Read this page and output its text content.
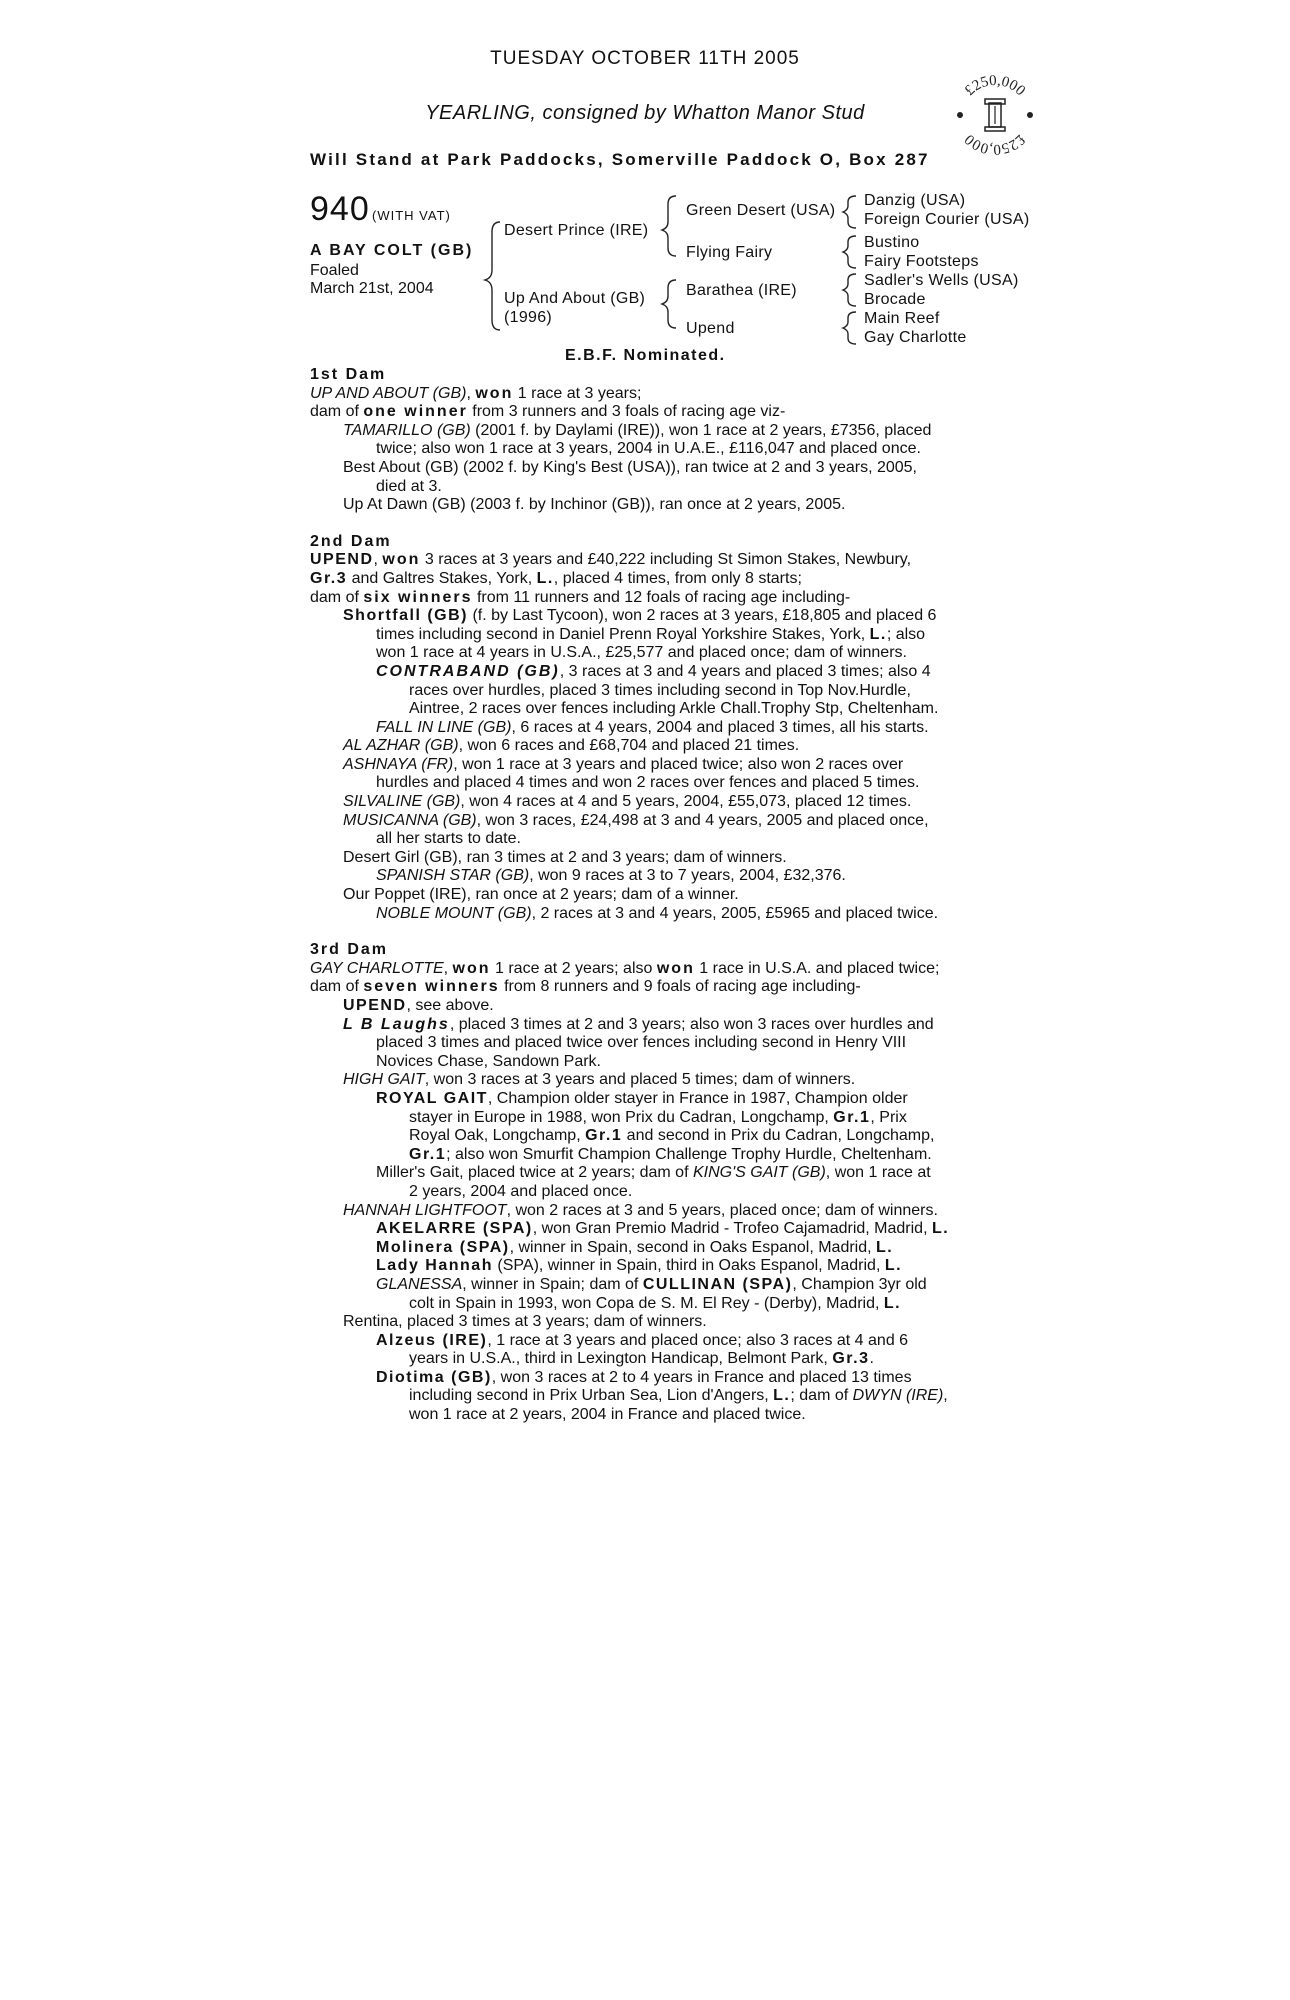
TUESDAY OCTOBER 11TH 2005
YEARLING, consigned by Whatton Manor Stud
Will Stand at Park Paddocks, Somerville Paddock O, Box 287
£250,000
£250,000
940 (WITH VAT)
A BAY COLT (GB)
Foaled
March 21st, 2004
Desert Prince (IRE)
Up And About (GB)
(1996)
Green Desert (USA)
Flying Fairy
Barathea (IRE)
Upend
Danzig (USA)
Foreign Courier (USA)
Bustino
Fairy Footsteps
Sadler's Wells (USA)
Brocade
Main Reef
Gay Charlotte
E.B.F. Nominated.

1st Dam

UP AND ABOUT (GB), won 1 race at 3 years;

dam of one winner from 3 runners and 3 foals of racing age viz-

TAMARILLO (GB) (2001 f. by Daylami (IRE)), won 1 race at 2 years, £7356, placed

twice; also won 1 race at 3 years, 2004 in U.A.E., £116,047 and placed once.

Best About (GB) (2002 f. by King's Best (USA)), ran twice at 2 and 3 years, 2005,

died at 3.

Up At Dawn (GB) (2003 f. by Inchinor (GB)), ran once at 2 years, 2005.

2nd Dam

UPEND, won 3 races at 3 years and £40,222 including St Simon Stakes, Newbury,

Gr.3 and Galtres Stakes, York, L., placed 4 times, from only 8 starts;

dam of six winners from 11 runners and 12 foals of racing age including-

Shortfall (GB) (f. by Last Tycoon), won 2 races at 3 years, £18,805 and placed 6

times including second in Daniel Prenn Royal Yorkshire Stakes, York, L.; also

won 1 race at 4 years in U.S.A., £25,577 and placed once; dam of winners.

CONTRABAND (GB), 3 races at 3 and 4 years and placed 3 times; also 4

races over hurdles, placed 3 times including second in Top Nov.Hurdle,

Aintree, 2 races over fences including Arkle Chall.Trophy Stp, Cheltenham.

FALL IN LINE (GB), 6 races at 4 years, 2004 and placed 3 times, all his starts.

AL AZHAR (GB), won 6 races and £68,704 and placed 21 times.

ASHNAYA (FR), won 1 race at 3 years and placed twice; also won 2 races over

hurdles and placed 4 times and won 2 races over fences and placed 5 times.

SILVALINE (GB), won 4 races at 4 and 5 years, 2004, £55,073, placed 12 times.

MUSICANNA (GB), won 3 races, £24,498 at 3 and 4 years, 2005 and placed once,

all her starts to date.

Desert Girl (GB), ran 3 times at 2 and 3 years; dam of winners.

SPANISH STAR (GB), won 9 races at 3 to 7 years, 2004, £32,376.

Our Poppet (IRE), ran once at 2 years; dam of a winner.

NOBLE MOUNT (GB), 2 races at 3 and 4 years, 2005, £5965 and placed twice.

3rd Dam

GAY CHARLOTTE, won 1 race at 2 years; also won 1 race in U.S.A. and placed twice;

dam of seven winners from 8 runners and 9 foals of racing age including-

UPEND, see above.

L B Laughs, placed 3 times at 2 and 3 years; also won 3 races over hurdles and

placed 3 times and placed twice over fences including second in Henry VIII

Novices Chase, Sandown Park.

HIGH GAIT, won 3 races at 3 years and placed 5 times; dam of winners.

ROYAL GAIT, Champion older stayer in France in 1987, Champion older

stayer in Europe in 1988, won Prix du Cadran, Longchamp, Gr.1, Prix

Royal Oak, Longchamp, Gr.1 and second in Prix du Cadran, Longchamp,

Gr.1; also won Smurfit Champion Challenge Trophy Hurdle, Cheltenham.

Miller's Gait, placed twice at 2 years; dam of KING'S GAIT (GB), won 1 race at

2 years, 2004 and placed once.

HANNAH LIGHTFOOT, won 2 races at 3 and 5 years, placed once; dam of winners.

AKELARRE (SPA), won Gran Premio Madrid - Trofeo Cajamadrid, Madrid, L.

Molinera (SPA), winner in Spain, second in Oaks Espanol, Madrid, L.

Lady Hannah (SPA), winner in Spain, third in Oaks Espanol, Madrid, L.

GLANESSA, winner in Spain; dam of CULLINAN (SPA), Champion 3yr old

colt in Spain in 1993, won Copa de S. M. El Rey - (Derby), Madrid, L.

Rentina, placed 3 times at 3 years; dam of winners.

Alzeus (IRE), 1 race at 3 years and placed once; also 3 races at 4 and 6

years in U.S.A., third in Lexington Handicap, Belmont Park, Gr.3.

Diotima (GB), won 3 races at 2 to 4 years in France and placed 13 times

including second in Prix Urban Sea, Lion d'Angers, L.; dam of DWYN (IRE),

won 1 race at 2 years, 2004 in France and placed twice.
